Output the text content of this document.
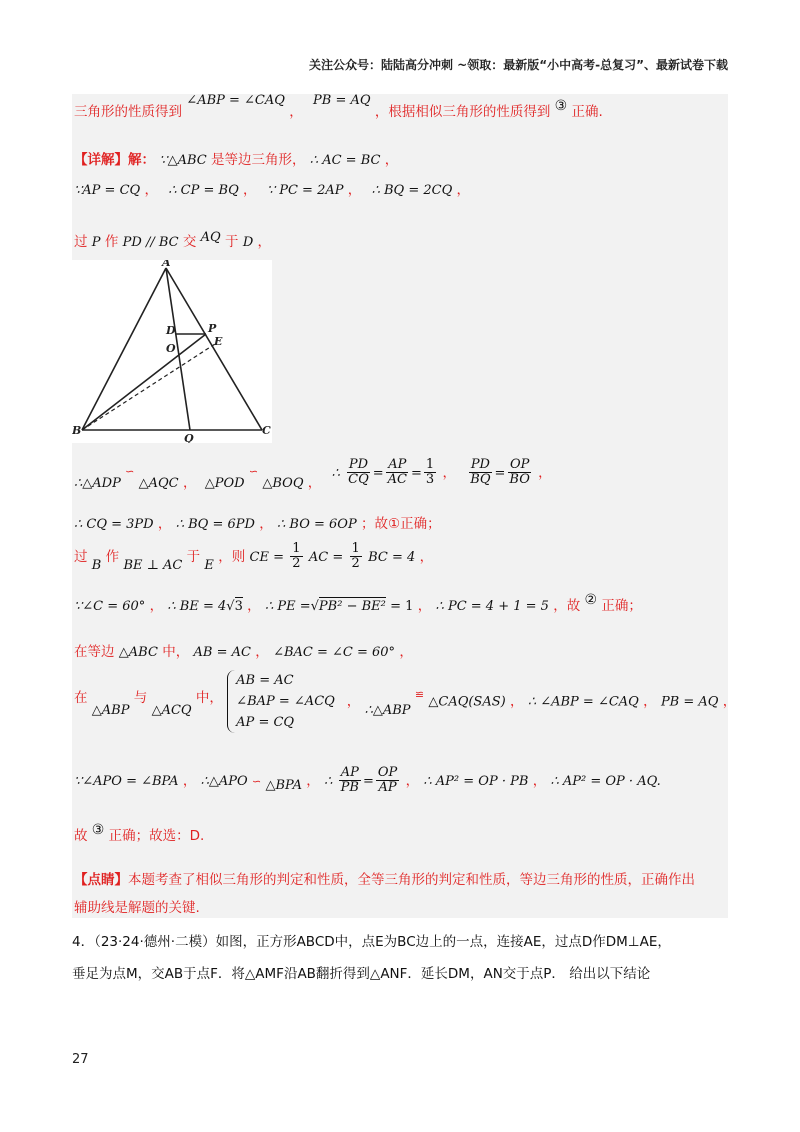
关注公众号：陆陆高分冲刺 ~领取：最新版“小中高考-总复习”、最新试卷下载
三角形的性质得到 ∠ABP = ∠CAQ ， PB = AQ ，根据相似三角形的性质得到 ③ 正确.
【详解】解： ∵△ABC 是等边三角形， ∴ AC = BC ，
∵AP = CQ ， ∴ CP = BQ ， ∵ PC = 2AP ， ∴ BQ = 2CQ ，
过 P 作 PD // BC 交 AQ 于 D ，
A
B	C
D	P
O
E
Q
∴△ADP ∽ △AQC ， △POD ∽ △BOQ ， ∴ $\frac{PD}{CQ} = \frac{AP}{AC} = \frac{1}{3}$ ， $\frac{PD}{BQ} = \frac{OP}{BO}$ ，
∴ CQ = 3PD ， ∴ BQ = 6PD ， ∴ BO = 6OP ；故①正确；
过 B 作 BE ⊥ AC 于 E ，则 CE = $\frac{1}{2}$ AC = $\frac{1}{2}$ BC = 4 ，
∵∠C = 60° ， ∴ BE = 4√3 ， ∴ PE =√PB² − BE² = 1 ， ∴ PC = 4 + 1 = 5 ，故 ② 正确；
在等边 △ABC 中， AB = AC ， ∠BAC = ∠C = 60° ，
在 △ABP 与 △ACQ 中， AB = AC
∠BAP = ∠ACQ
AP = CQ， ∴△ABP ≌ △CAQ(SAS) ， ∴ ∠ABP = ∠CAQ ， PB = AQ ，
∵∠APO = ∠BPA ， ∴△APO ∽ △BPA ， ∴ $\frac{AP}{PB} = \frac{OP}{AP}$ ， ∴ AP² = OP · PB ， ∴ AP² = OP · AQ.
故 ③ 正确；故选：D.
【点睛】本题考查了相似三角形的判定和性质，全等三角形的判定和性质，等边三角形的性质，正确作出
辅助线是解题的关键.
4．（23·24·德州·二模）如图，正方形ABCD中，点E为BC边上的一点，连接AE，过点D作DM⊥AE，
垂足为点M，交AB于点F．将△AMF沿AB翻折得到△ANF．延长DM，AN交于点P． 给出以下结论
27
